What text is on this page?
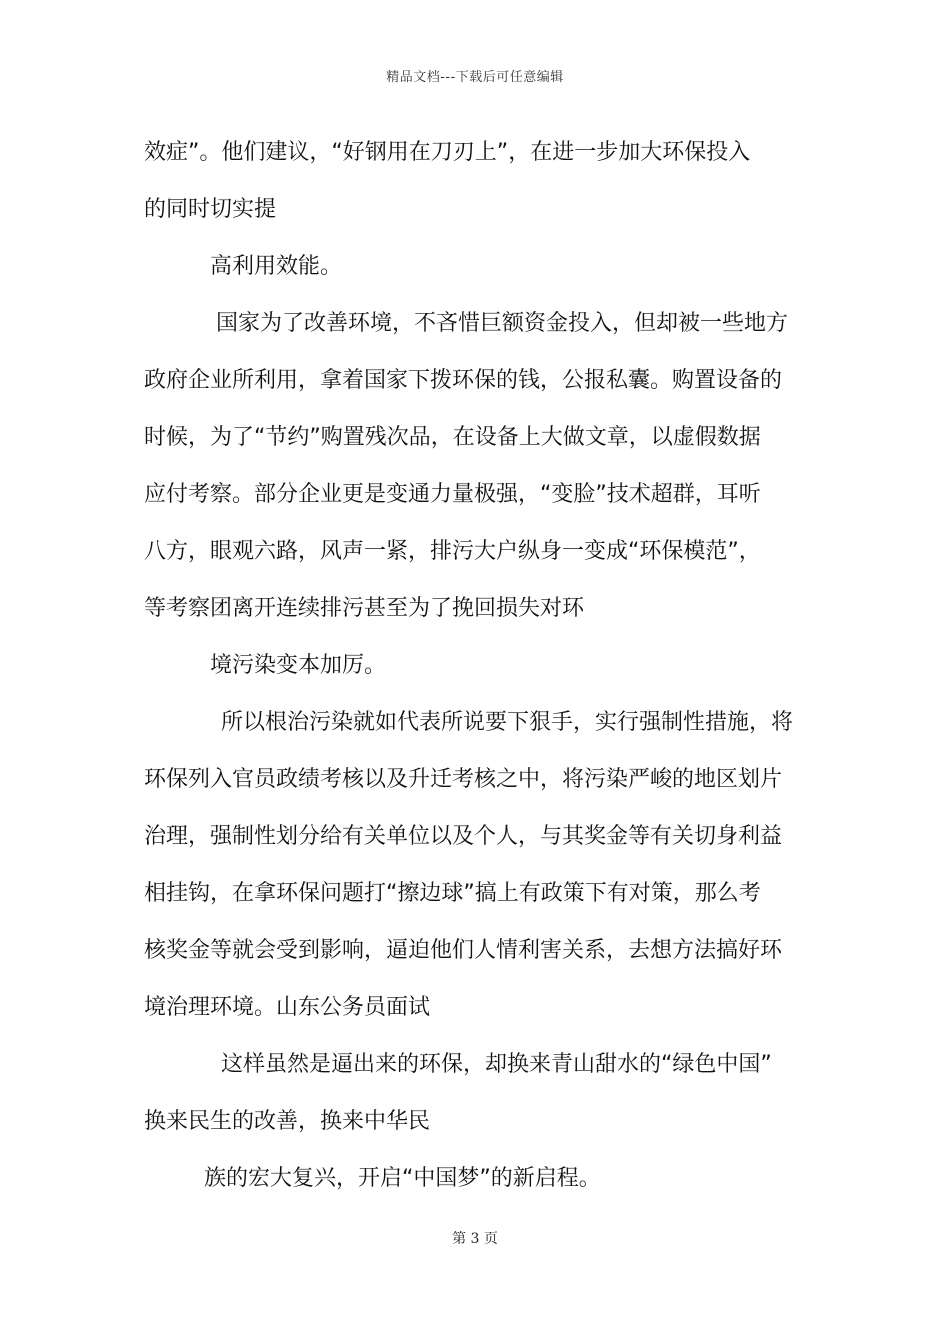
精品文档---下载后可任意编辑
效症”。他们建议，“好钢用在刀刃上”，在进一步加大环保投入
的同时切实提
高利用效能。
国家为了改善环境，不吝惜巨额资金投入，但却被一些地方
政府企业所利用，拿着国家下拨环保的钱，公报私囊。购置设备的
时候，为了“节约”购置残次品，在设备上大做文章，以虚假数据
应付考察。部分企业更是变通力量极强，“变脸”技术超群，耳听
八方，眼观六路，风声一紧，排污大户纵身一变成“环保模范”，
等考察团离开连续排污甚至为了挽回损失对环
境污染变本加厉。
所以根治污染就如代表所说要下狠手，实行强制性措施，将
环保列入官员政绩考核以及升迁考核之中，将污染严峻的地区划片
治理，强制性划分给有关单位以及个人，与其奖金等有关切身利益
相挂钩，在拿环保问题打“擦边球”搞上有政策下有对策，那么考
核奖金等就会受到影响，逼迫他们人情利害关系，去想方法搞好环
境治理环境。山东公务员面试
这样虽然是逼出来的环保，却换来青山甜水的“绿色中国”
换来民生的改善，换来中华民
族的宏大复兴，开启“中国梦”的新启程。
第 3 页
